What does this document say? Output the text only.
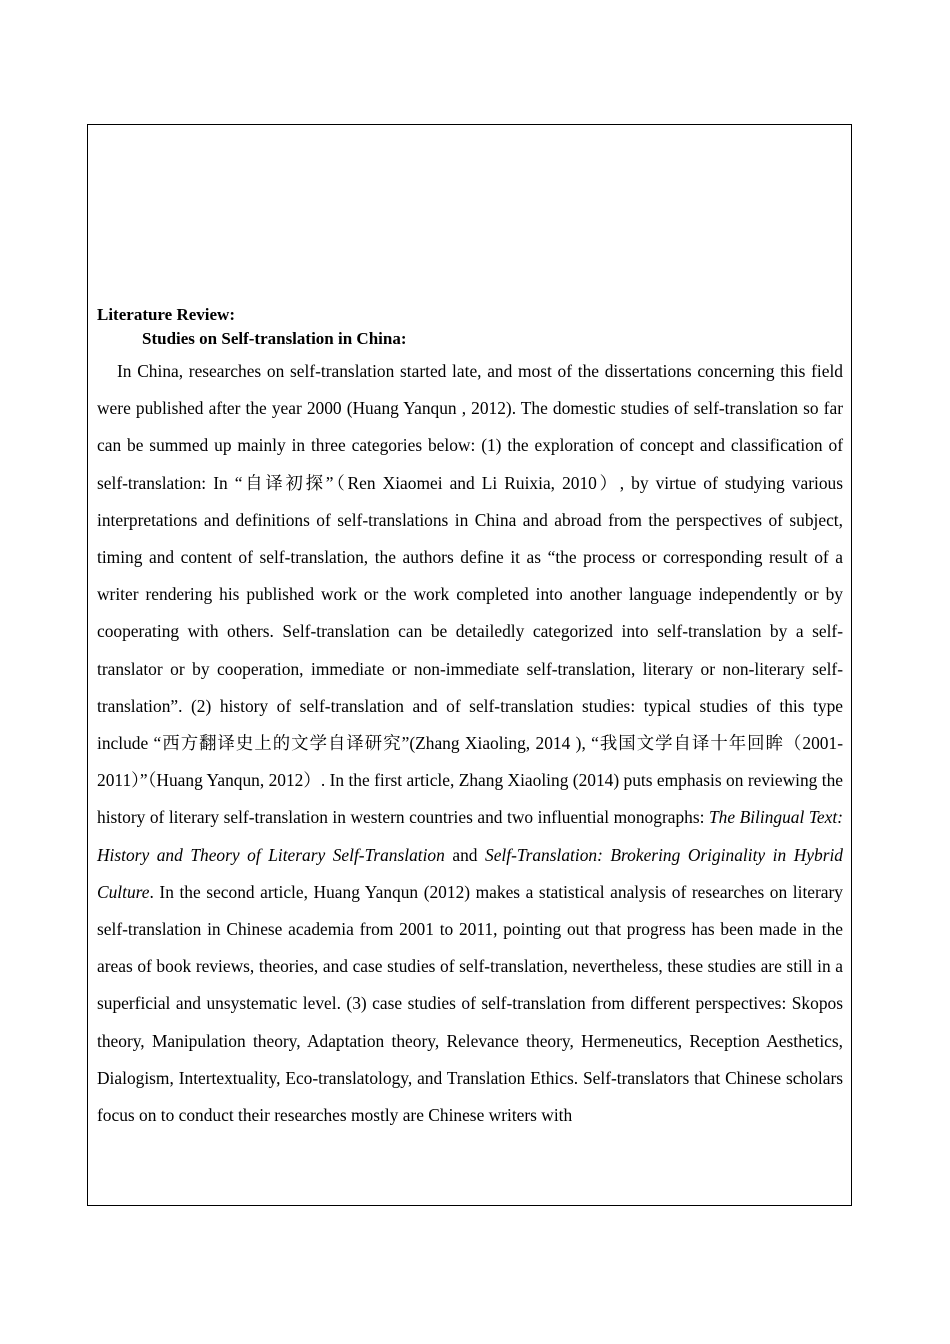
Literature Review:

Studies on Self-translation in China:

In China, researches on self-translation started late, and most of the dissertations concerning this field were published after the year 2000 (Huang Yanqun , 2012). The domestic studies of self-translation so far can be summed up mainly in three categories below: (1) the exploration of concept and classification of self-translation: In “自译初探”（Ren Xiaomei and Li Ruixia, 2010）, by virtue of studying various interpretations and definitions of self-translations in China and abroad from the perspectives of subject, timing and content of self-translation, the authors define it as “the process or corresponding result of a writer rendering his published work or the work completed into another language independently or by cooperating with others. Self-translation can be detailedly categorized into self-translation by a self-translator or by cooperation, immediate or non-immediate self-translation, literary or non-literary self-translation”. (2) history of self-translation and of self-translation studies: typical studies of this type include “西方翻译史上的文学自译研究”(Zhang Xiaoling, 2014 ), “我国文学自译十年回眸（2001-2011）”（Huang Yanqun, 2012）. In the first article, Zhang Xiaoling (2014) puts emphasis on reviewing the history of literary self-translation in western countries and two influential monographs: The Bilingual Text: History and Theory of Literary Self-Translation and Self-Translation: Brokering Originality in Hybrid Culture. In the second article, Huang Yanqun (2012) makes a statistical analysis of researches on literary self-translation in Chinese academia from 2001 to 2011, pointing out that progress has been made in the areas of book reviews, theories, and case studies of self-translation, nevertheless, these studies are still in a superficial and unsystematic level. (3) case studies of self-translation from different perspectives: Skopos theory, Manipulation theory, Adaptation theory, Relevance theory, Hermeneutics, Reception Aesthetics, Dialogism, Intertextuality, Eco-translatology, and Translation Ethics. Self-translators that Chinese scholars focus on to conduct their researches mostly are Chinese writers with
